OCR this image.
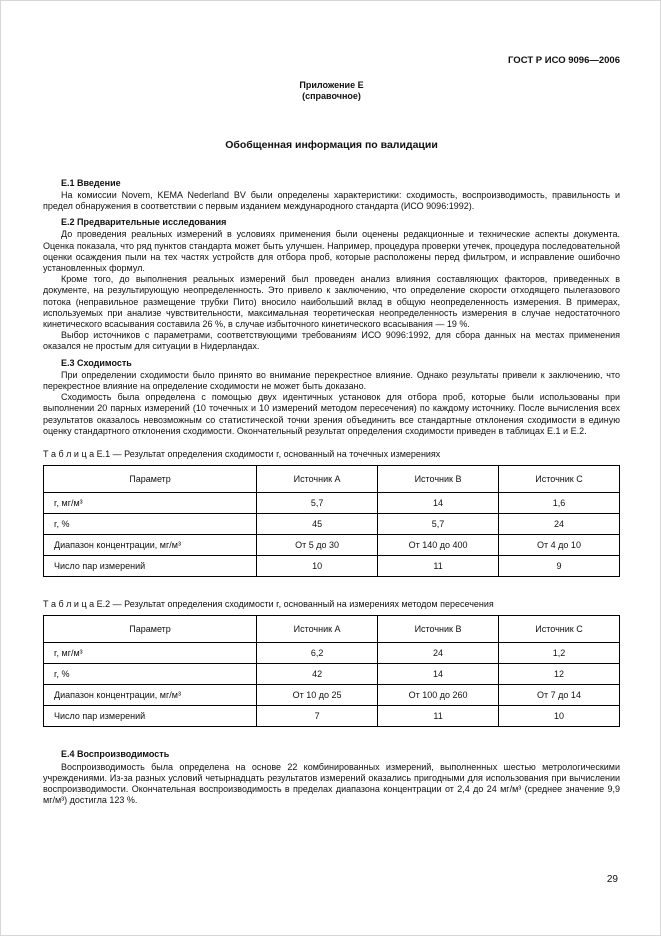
ГОСТ Р ИСО 9096—2006

Приложение Е

(справочное)

Обобщенная информация по валидации

Е.1 Введение

На комиссии Novem, KEMA Nederland BV были определены характеристики: сходимость, воспроизводимость, правильность и предел обнаружения в соответствии с первым изданием международного стандарта (ИСО 9096:1992).

Е.2 Предварительные исследования

До проведения реальных измерений в условиях применения были оценены редакционные и технические аспекты документа. Оценка показала, что ряд пунктов стандарта может быть улучшен. Например, процедура проверки утечек, процедура последовательной оценки осаждения пыли на тех частях устройств для отбора проб, которые расположены перед фильтром, и исправление ошибочно установленных формул.

Кроме того, до выполнения реальных измерений был проведен анализ влияния составляющих факторов, приведенных в документе, на результирующую неопределенность. Это привело к заключению, что определение скорости отходящего пылегазового потока (неправильное размещение трубки Пито) вносило наибольший вклад в общую неопределенность измерения. В примерах, используемых при анализе чувствительности, максимальная теоретическая неопределенность измерения в случае недостаточного кинетического всасывания составила 26 %, в случае избыточного кинетического всасывания — 19 %.

Выбор источников с параметрами, соответствующими требованиям ИСО 9096:1992, для сбора данных на местах применения оказался не простым для ситуации в Нидерландах.

Е.3 Сходимость

При определении сходимости было принято во внимание перекрестное влияние. Однако результаты привели к заключению, что перекрестное влияние на определение сходимости не может быть доказано.

Сходимость была определена с помощью двух идентичных установок для отбора проб, которые были использованы при выполнении 20 парных измерений (10 точечных и 10 измерений методом пересечения) по каждому источнику. После вычисления всех результатов оказалось невозможным со статистической точки зрения объединить все стандартные отклонения сходимости в единую оценку стандартного отклонения сходимости. Окончательный результат определения сходимости приведен в таблицах Е.1 и Е.2.

Т а б л и ц а Е.1 — Результат определения сходимости r, основанный на точечных измерениях

Параметр	Источник А	Источник В	Источник С
r, мг/м³	5,7	14	1,6
r, %	45	5,7	24
Диапазон концентрации, мг/м³	От 5 до 30	От 140 до 400	От 4 до 10
Число пар измерений	10	11	9

Т а б л и ц а Е.2 — Результат определения сходимости r, основанный на измерениях методом пересечения

Параметр	Источник А	Источник В	Источник С
r, мг/м³	6,2	24	1,2
r, %	42	14	12
Диапазон концентрации, мг/м³	От 10 до 25	От 100 до 260	От 7 до 14
Число пар измерений	7	11	10

Е.4 Воспроизводимость

Воспроизводимость была определена на основе 22 комбинированных измерений, выполненных шестью метрологическими учреждениями. Из-за разных условий четырнадцать результатов измерений оказались пригодными для использования при вычислении воспроизводимости. Окончательная воспроизводимость в пределах диапазона концентрации от 2,4 до 24 мг/м³ (среднее значение 9,9 мг/м³) достигла 123 %.

29
